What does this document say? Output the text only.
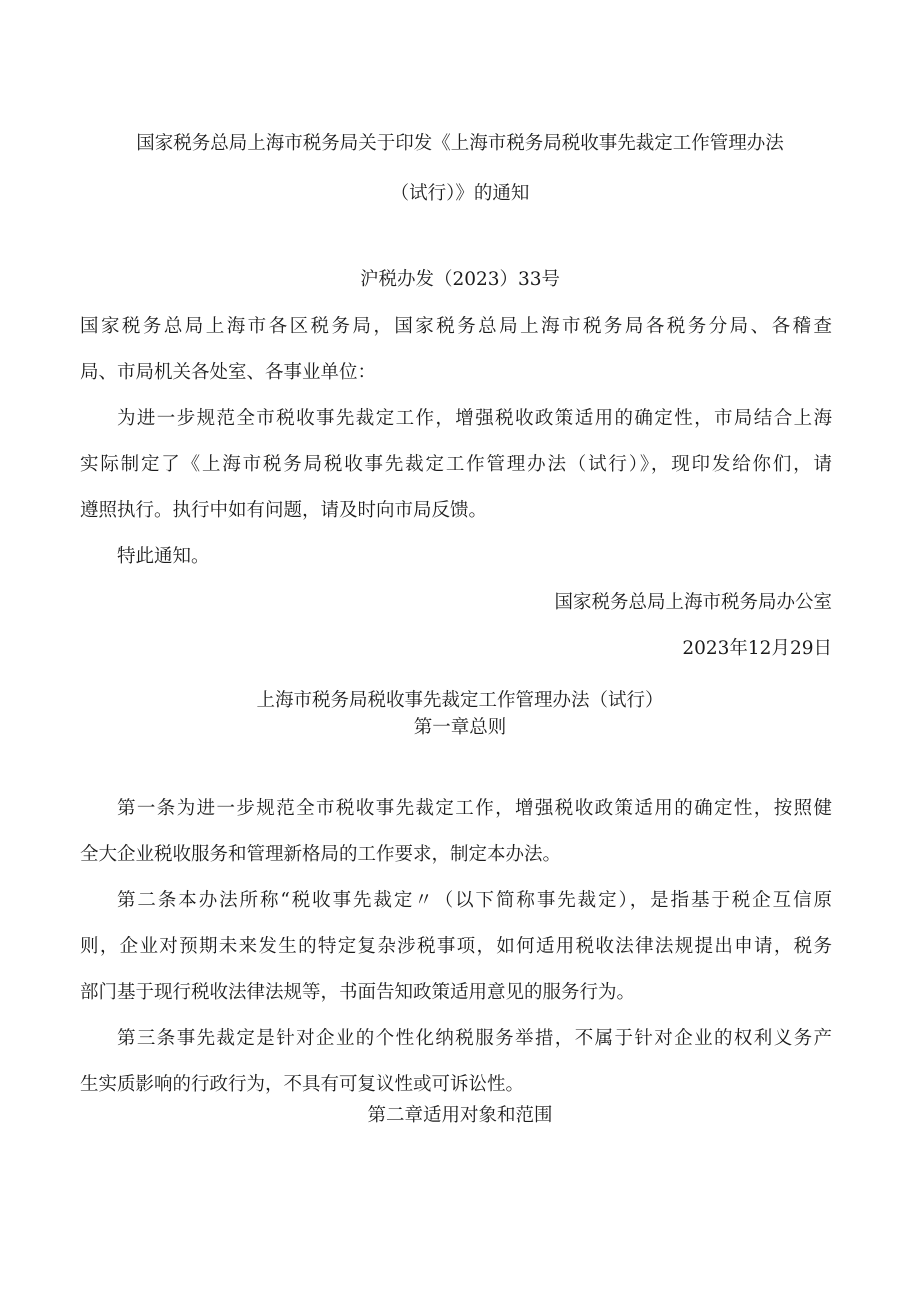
国家税务总局上海市税务局关于印发《上海市税务局税收事先裁定工作管理办法
（试行）》的通知
沪税办发（2023）33号
国家税务总局上海市各区税务局，国家税务总局上海市税务局各税务分局、各稽查
局、市局机关各处室、各事业单位：
为进一步规范全市税收事先裁定工作，增强税收政策适用的确定性，市局结合上海
实际制定了《上海市税务局税收事先裁定工作管理办法（试行）》，现印发给你们，请
遵照执行。执行中如有问题，请及时向市局反馈。
特此通知。
国家税务总局上海市税务局办公室
2023年12月29日
上海市税务局税收事先裁定工作管理办法（试行）
第一章总则
第一条为进一步规范全市税收事先裁定工作，增强税收政策适用的确定性，按照健
全大企业税收服务和管理新格局的工作要求，制定本办法。
第二条本办法所称“税收事先裁定〃（以下简称事先裁定），是指基于税企互信原
则，企业对预期未来发生的特定复杂涉税事项，如何适用税收法律法规提出申请，税务
部门基于现行税收法律法规等，书面告知政策适用意见的服务行为。
第三条事先裁定是针对企业的个性化纳税服务举措，不属于针对企业的权利义务产
生实质影响的行政行为，不具有可复议性或可诉讼性。
第二章适用对象和范围
